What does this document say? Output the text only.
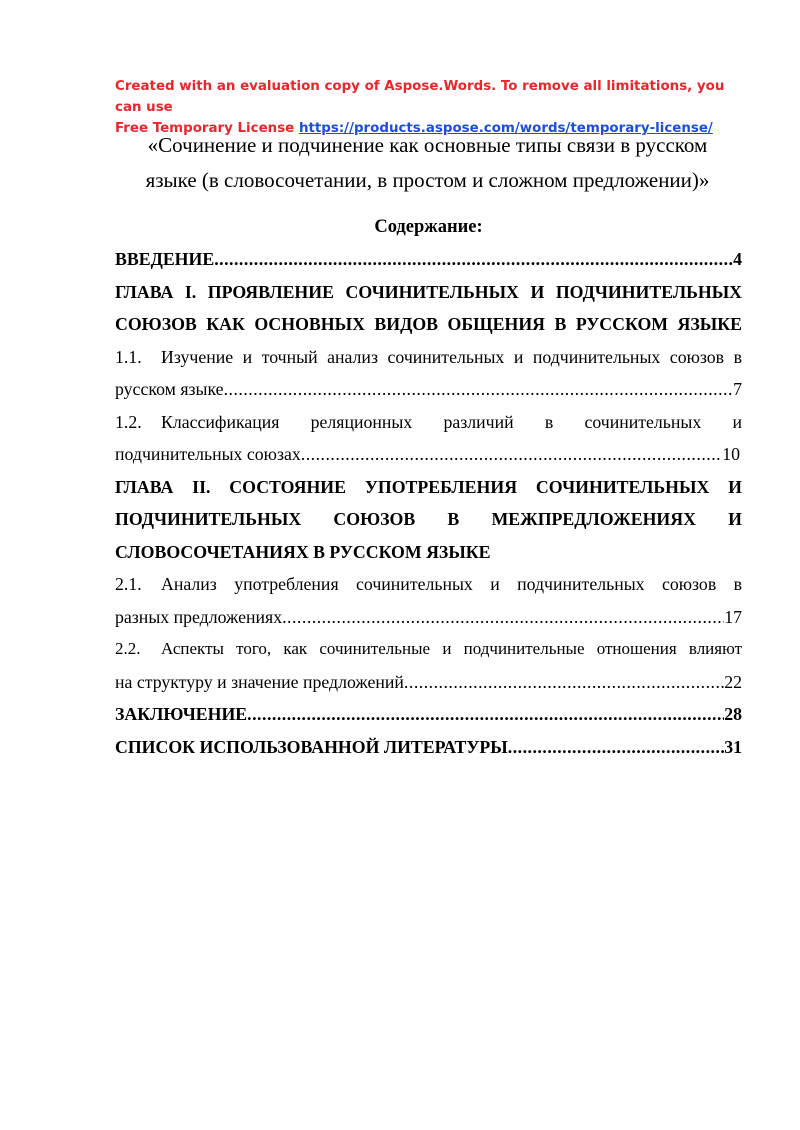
Created with an evaluation copy of Aspose.Words. To remove all limitations, you can use
Free Temporary License https://products.aspose.com/words/temporary-license/
«Сочинение и подчинение как основные типы связи в русском
языке (в словосочетании, в простом и сложном предложении)»
Содержание:
ВВЕДЕНИЕ .....	4
ГЛАВА I. ПРОЯВЛЕНИЕ СОЧИНИТЕЛЬНЫХ И ПОДЧИНИТЕЛЬНЫХ
СОЮЗОВ КАК ОСНОВНЫХ ВИДОВ ОБЩЕНИЯ В РУССКОМ ЯЗЫКЕ
1.1. Изучение и точный анализ сочинительных и подчинительных союзов в
русском языке .....	7
1.2. Классификация реляционных различий в сочинительных и
подчинительных союзах .....	10
ГЛАВА II. СОСТОЯНИЕ УПОТРЕБЛЕНИЯ СОЧИНИТЕЛЬНЫХ И
ПОДЧИНИТЕЛЬНЫХ СОЮЗОВ В МЕЖПРЕДЛОЖЕНИЯХ И
СЛОВОСОЧЕТАНИЯХ В РУССКОМ ЯЗЫКЕ
2.1. Анализ употребления сочинительных и подчинительных союзов в
разных предложениях .....	17
2.2. Аспекты того, как сочинительные и подчинительные отношения влияют
на структуру и значение предложений .....	22
ЗАКЛЮЧЕНИЕ .....	28
СПИСОК ИСПОЛЬЗОВАННОЙ ЛИТЕРАТУРЫ .....	31
